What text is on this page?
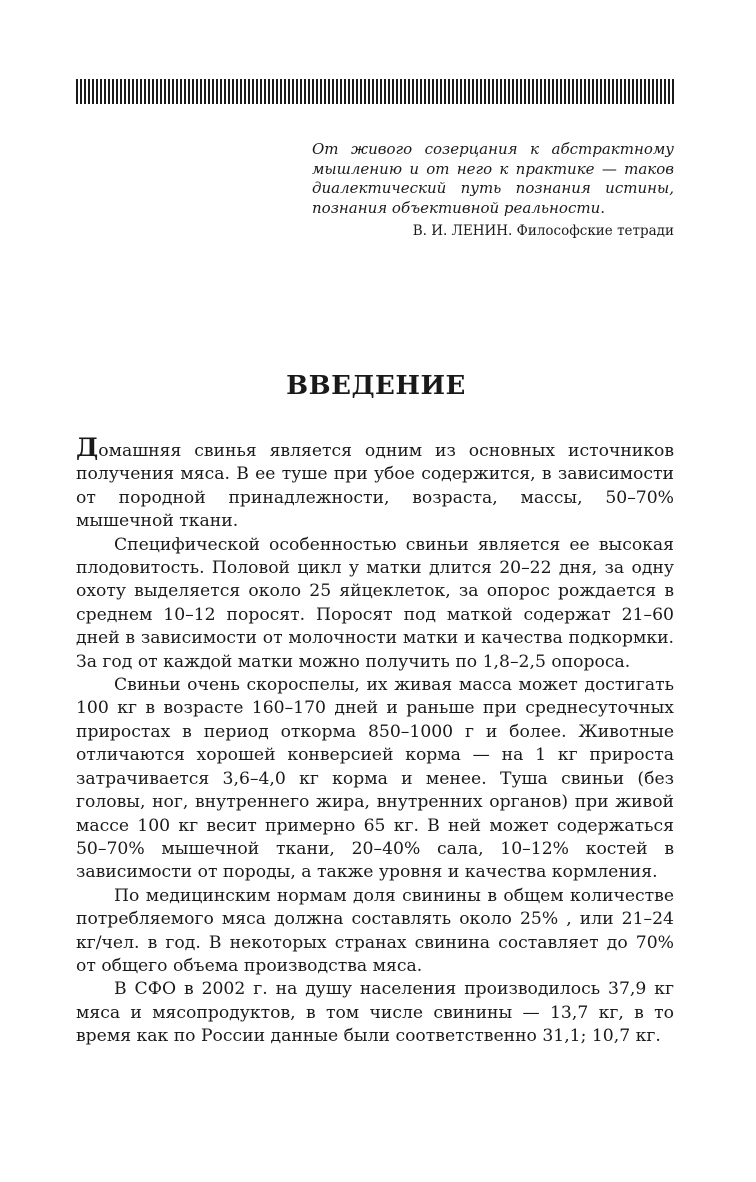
От живого созерцания к абстрактному мышлению и от него к практике — таков диалектический путь познания истины, познания объективной реальности.

В. И. ЛЕНИН. Философские тетради
ВВЕДЕНИЕ

Домашняя свинья является одним из основных источников получения мяса. В ее туше при убое содержится, в зависимости от породной принадлежности, возраста, массы, 50–70% мышечной ткани.

Специфической особенностью свиньи является ее высокая плодовитость. Половой цикл у матки длится 20–22 дня, за одну охоту выделяется около 25 яйцеклеток, за опорос рождается в среднем 10–12 поросят. Поросят под маткой содержат 21–60 дней в зависимости от молочности матки и качества подкормки. За год от каждой матки можно получить по 1,8–2,5 опороса.

Свиньи очень скороспелы, их живая масса может достигать 100 кг в возрасте 160–170 дней и раньше при среднесуточных приростах в период откорма 850–1000 г и более. Животные отличаются хорошей конверсией корма — на 1 кг прироста затрачивается 3,6–4,0 кг корма и менее. Туша свиньи (без головы, ног, внутреннего жира, внутренних органов) при живой массе 100 кг весит примерно 65 кг. В ней может содержаться 50–70% мышечной ткани, 20–40% сала, 10–12% костей в зависимости от породы, а также уровня и качества кормления.

По медицинским нормам доля свинины в общем количестве потребляемого мяса должна составлять около 25% , или 21–24 кг/чел. в год. В некоторых странах свинина составляет до 70% от общего объема производства мяса.

В СФО в 2002 г. на душу населения производилось 37,9 кг мяса и мясопродуктов, в том числе свинины — 13,7 кг, в то время как по России данные были соответственно 31,1; 10,7 кг.
